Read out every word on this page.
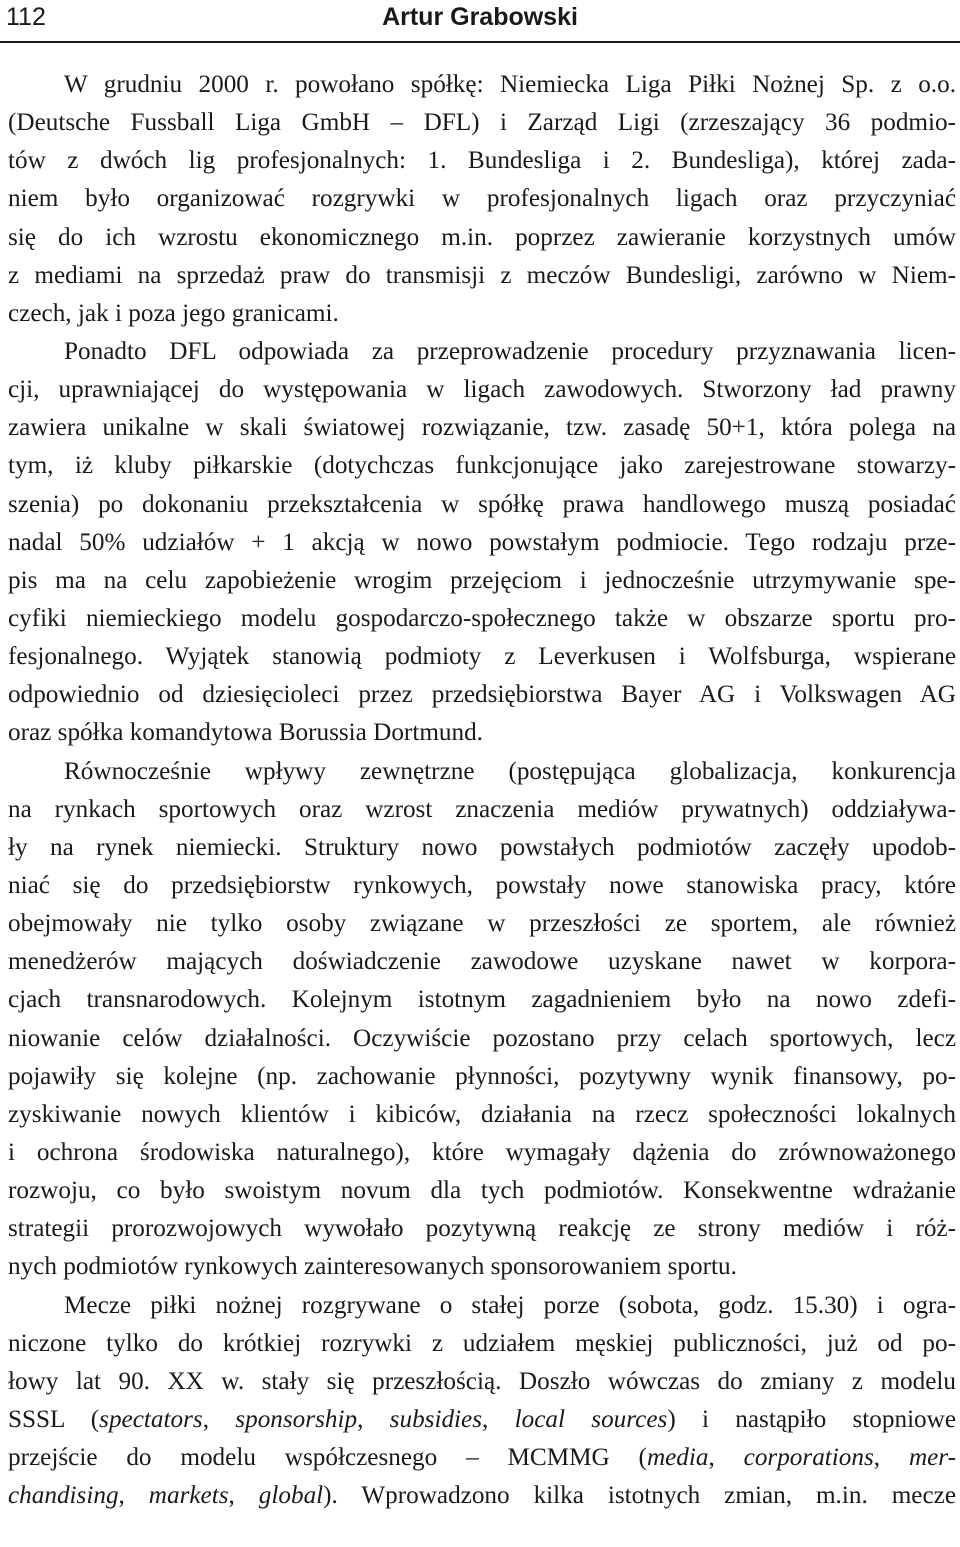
112	Artur Grabowski
W grudniu 2000 r. powołano spółkę: Niemiecka Liga Piłki Nożnej Sp. z o.o.
(Deutsche Fussball Liga GmbH – DFL) i Zarząd Ligi (zrzeszający 36 podmio-
tów z dwóch lig profesjonalnych: 1. Bundesliga i 2. Bundesliga), której zada-
niem było organizować rozgrywki w profesjonalnych ligach oraz przyczyniać
się do ich wzrostu ekonomicznego m.in. poprzez zawieranie korzystnych umów
z mediami na sprzedaż praw do transmisji z meczów Bundesligi, zarówno w Niem-
czech, jak i poza jego granicami.
Ponadto DFL odpowiada za przeprowadzenie procedury przyznawania licen-
cji, uprawniającej do występowania w ligach zawodowych. Stworzony ład prawny
zawiera unikalne w skali światowej rozwiązanie, tzw. zasadę 50+1, która polega na
tym, iż kluby piłkarskie (dotychczas funkcjonujące jako zarejestrowane stowarzy-
szenia) po dokonaniu przekształcenia w spółkę prawa handlowego muszą posiadać
nadal 50% udziałów + 1 akcją w nowo powstałym podmiocie. Tego rodzaju prze-
pis ma na celu zapobieżenie wrogim przejęciom i jednocześnie utrzymywanie spe-
cyfiki niemieckiego modelu gospodarczo-społecznego także w obszarze sportu pro-
fesjonalnego. Wyjątek stanowią podmioty z Leverkusen i Wolfsburga, wspierane
odpowiednio od dziesięcioleci przez przedsiębiorstwa Bayer AG i Volkswagen AG
oraz spółka komandytowa Borussia Dortmund.
Równocześnie wpływy zewnętrzne (postępująca globalizacja, konkurencja
na rynkach sportowych oraz wzrost znaczenia mediów prywatnych) oddziaływa-
ły na rynek niemiecki. Struktury nowo powstałych podmiotów zaczęły upodob-
niać się do przedsiębiorstw rynkowych, powstały nowe stanowiska pracy, które
obejmowały nie tylko osoby związane w przeszłości ze sportem, ale również
menedżerów mających doświadczenie zawodowe uzyskane nawet w korpora-
cjach transnarodowych. Kolejnym istotnym zagadnieniem było na nowo zdefi-
niowanie celów działalności. Oczywiście pozostano przy celach sportowych, lecz
pojawiły się kolejne (np. zachowanie płynności, pozytywny wynik finansowy, po-
zyskiwanie nowych klientów i kibiców, działania na rzecz społeczności lokalnych
i ochrona środowiska naturalnego), które wymagały dążenia do zrównoważonego
rozwoju, co było swoistym novum dla tych podmiotów. Konsekwentne wdrażanie
strategii prorozwojowych wywołało pozytywną reakcję ze strony mediów i róż-
nych podmiotów rynkowych zainteresowanych sponsorowaniem sportu.
Mecze piłki nożnej rozgrywane o stałej porze (sobota, godz. 15.30) i ogra-
niczone tylko do krótkiej rozrywki z udziałem męskiej publiczności, już od po-
łowy lat 90. XX w. stały się przeszłością. Doszło wówczas do zmiany z modelu
SSSL (spectators, sponsorship, subsidies, local sources) i nastąpiło stopniowe
przejście do modelu współczesnego – MCMMG (media, corporations, mer-
chandising, markets, global). Wprowadzono kilka istotnych zmian, m.in. mecze
